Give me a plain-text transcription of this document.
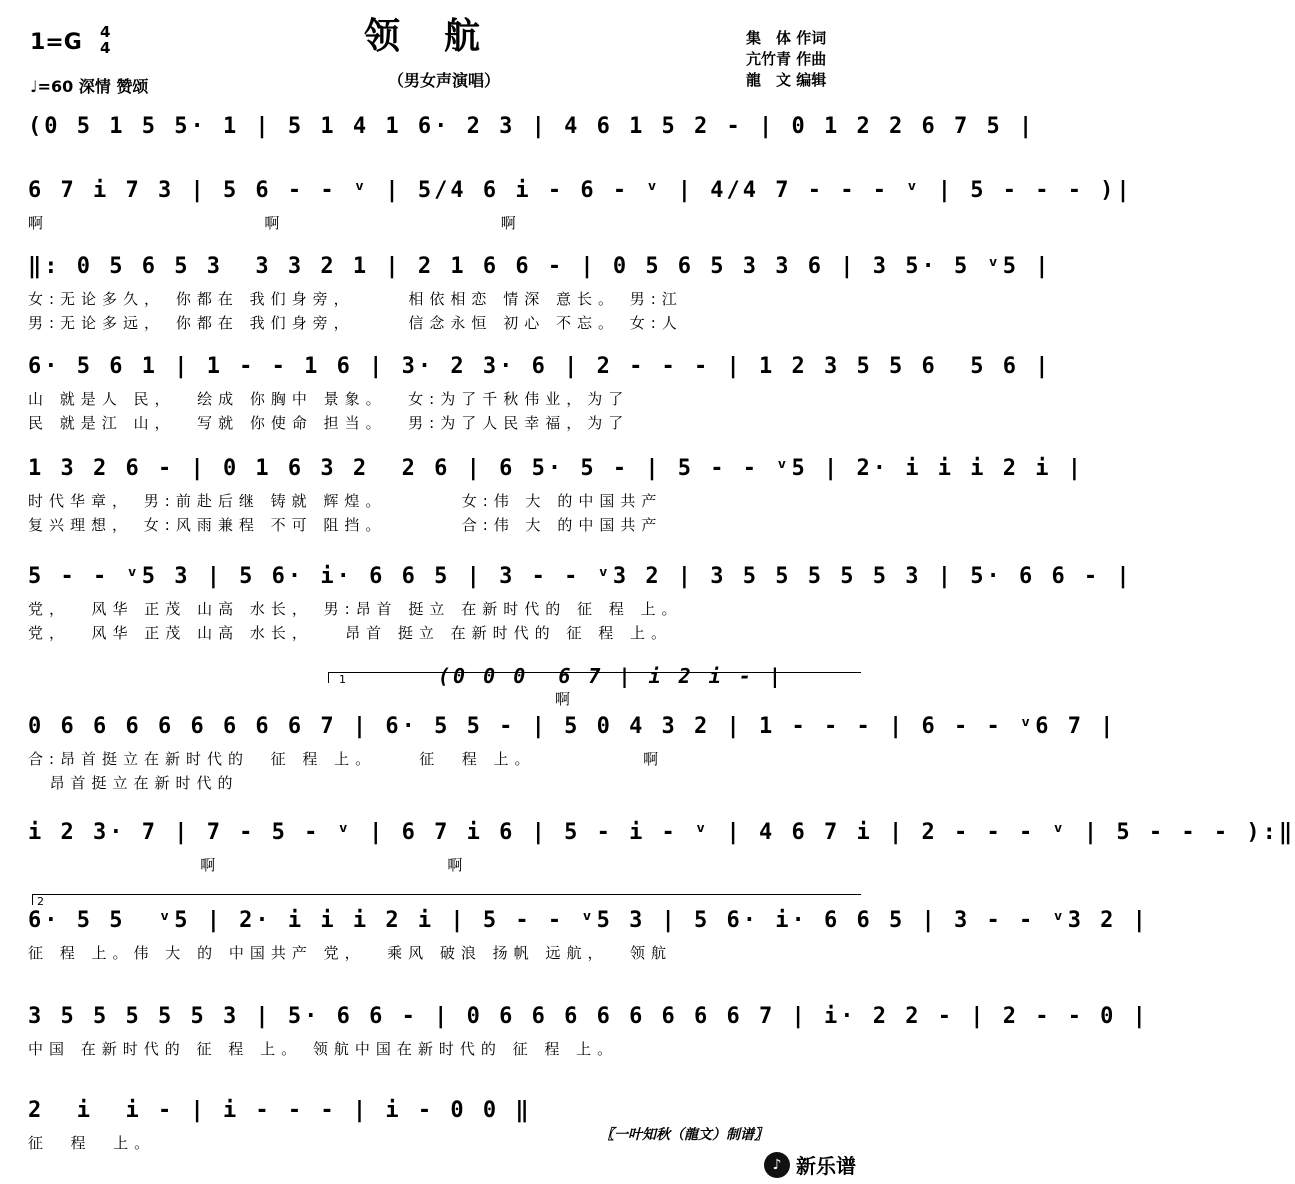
1=G 4
4
♩=60 深情 赞颂
领航
（男女声演唱）
集　体 作词
亢竹青 作曲
龍　文 编辑
(0 5 1 5 5· 1 | 5 1 4 1 6· 2 3 | 4 6 1 5 2 - | 0 1 2 2 6 7 5 |
6 7 i 7 3 | 5 6 - - ᵛ | 5/4 6 i - 6 - ᵛ | 4/4 7 - - - ᵛ | 5 - - - )|
啊                    啊                    啊
‖: 0 5 6 5 3  3 3 2 1 | 2 1 6 6 - | 0 5 6 5 3 3 6 | 3 5· 5 ᵛ5 |
女:无论多久， 你都在 我们身旁，     相依相恋 情深 意长。 男:江
男:无论多远， 你都在 我们身旁，     信念永恒 初心 不忘。 女:人
6· 5 6 1 | 1 - - 1 6 | 3· 2 3· 6 | 2 - - - | 1 2 3 5 5 6  5 6 |
山 就是人 民，  绘成 你胸中 景象。  女:为了千秋伟业，为了
民 就是江 山，  写就 你使命 担当。  男:为了人民幸福，为了
1 3 2 6 - | 0 1 6 3 2  2 6 | 6 5· 5 - | 5 - - ᵛ5 | 2· i i i 2 i |
时代华章， 男:前赴后继 铸就 辉煌。       女:伟 大 的中国共产
复兴理想， 女:风雨兼程 不可 阻挡。       合:伟 大 的中国共产
5 - - ᵛ5 3 | 5 6· i· 6 6 5 | 3 - - ᵛ3 2 | 3 5 5 5 5 5 3 | 5· 6 6 - |
党，  风华 正茂 山高 水长， 男:昂首 挺立 在新时代的 征 程 上。
党，  风华 正茂 山高 水长，   昂首 挺立 在新时代的 征 程 上。
(0 0 0  6 7 | i 2 i - |
啊
1
0 6 6 6 6 6 6 6 6 7 | 6· 5 5 - | 5 0 4 3 2 | 1 - - - | 6 - - ᵛ6 7 |
合:昂首挺立在新时代的  征 程 上。    征  程 上。          啊
昂首挺立在新时代的
i 2 3· 7 | 7 - 5 - ᵛ | 6 7 i 6 | 5 - i - ᵛ | 4 6 7 i | 2 - - - ᵛ | 5 - - - ):‖
啊                     啊
2
6· 5 5  ᵛ5 | 2· i i i 2 i | 5 - - ᵛ5 3 | 5 6· i· 6 6 5 | 3 - - ᵛ3 2 |
征 程 上。伟 大 的 中国共产 党，  乘风 破浪 扬帆 远航，  领航
3 5 5 5 5 5 3 | 5· 6 6 - | 0 6 6 6 6 6 6 6 6 7 | i· 2 2 - | 2 - - 0 |
中国 在新时代的 征 程 上。 领航中国在新时代的 征 程 上。
2  i  i - | i - - - | i - 0 0 ‖
征  程  上。	〖一叶知秋（龍文）制谱〗
♪ 新乐谱
